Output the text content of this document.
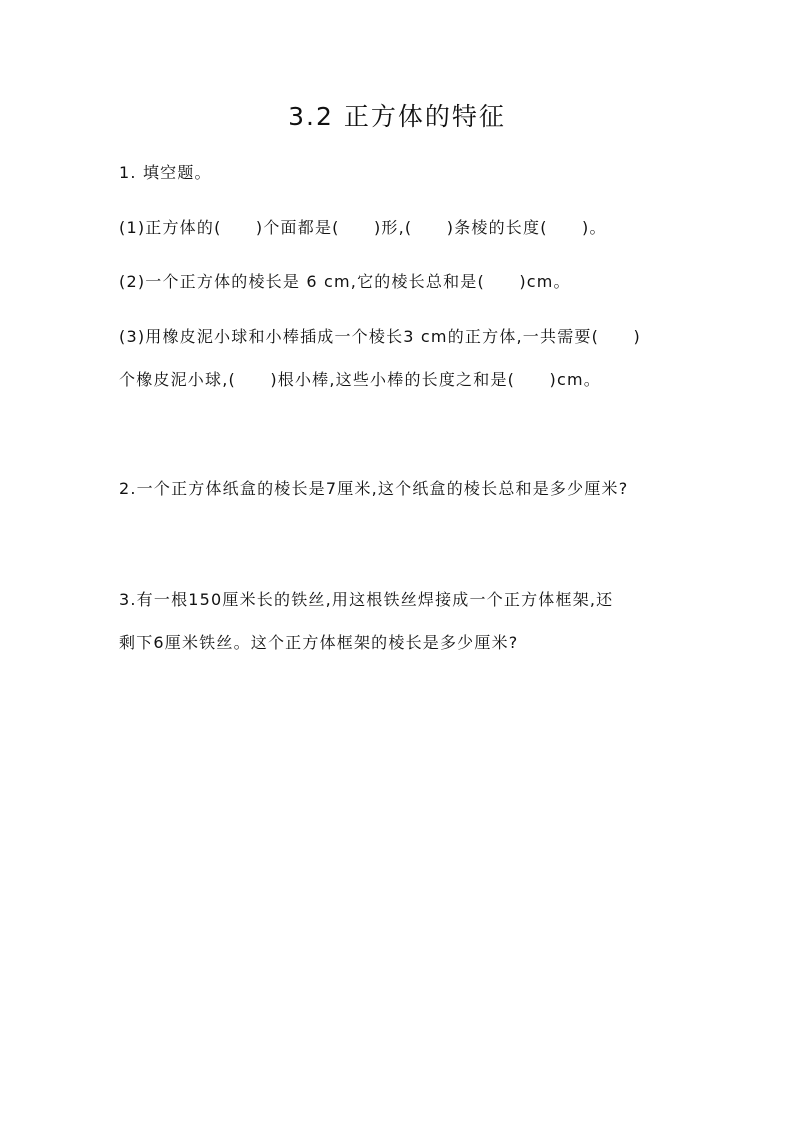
3.2 正方体的特征
1. 填空题。
(1)正方体的(　　)个面都是(　　)形,(　　)条棱的长度(　　)。
(2)一个正方体的棱长是 6 cm,它的棱长总和是(　　)cm。
(3)用橡皮泥小球和小棒插成一个棱长3 cm的正方体,一共需要(　　)
个橡皮泥小球,(　　)根小棒,这些小棒的长度之和是(　　)cm。
2.一个正方体纸盒的棱长是7厘米,这个纸盒的棱长总和是多少厘米?
3.有一根150厘米长的铁丝,用这根铁丝焊接成一个正方体框架,还
剩下6厘米铁丝。这个正方体框架的棱长是多少厘米?
